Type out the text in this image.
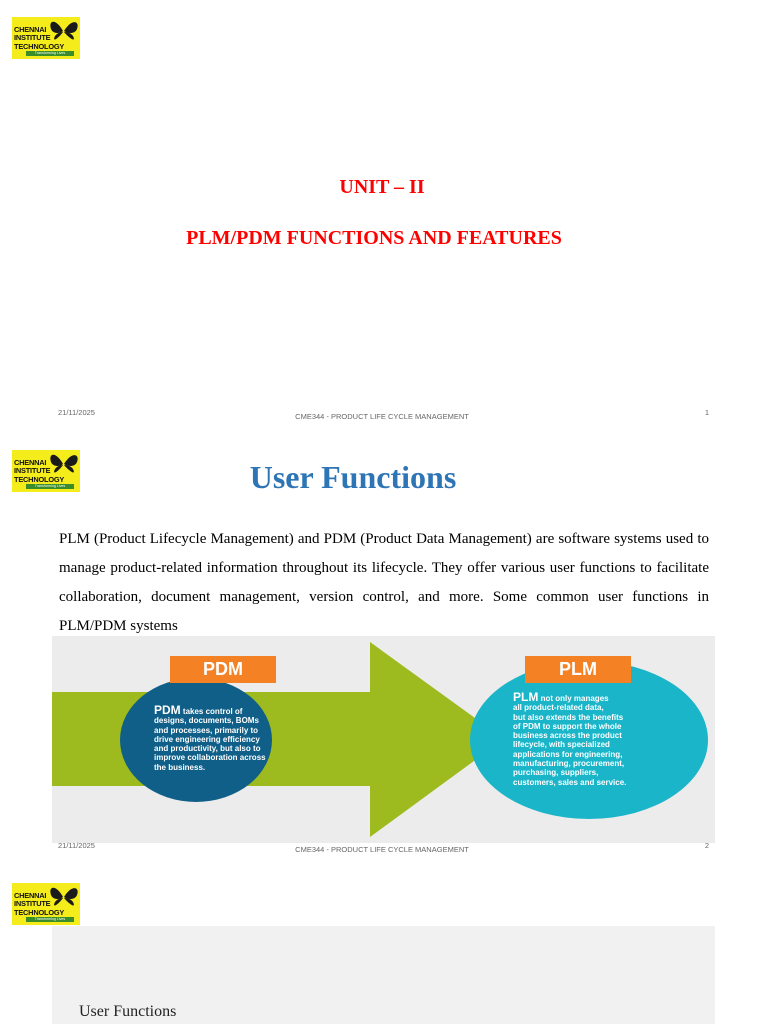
CHENNAI
INSTITUTE
TECHNOLOGY
Transforming Lives
UNIT – II
PLM/PDM FUNCTIONS AND FEATURES
21/11/2025	CME344 - PRODUCT LIFE CYCLE MANAGEMENT	1
CHENNAI
INSTITUTE
TECHNOLOGY
Transforming Lives	User Functions

PLM (Product Lifecycle Management) and PDM (Product Data Management) are software systems used to manage product-related information throughout its lifecycle. They offer various user functions to facilitate collaboration, document management, version control, and more. Some common user functions in PLM/PDM systems

PDM	PLM
PDM takes control of
designs, documents, BOMs
and processes, primarily to
drive engineering efficiency
and productivity, but also to
improve collaboration across
the business.
PLM not only manages
all product-related data,
but also extends the benefits
of PDM to support the whole
business across the product
lifecycle, with specialized
applications for engineering,
manufacturing, procurement,
purchasing, suppliers,
customers, sales and service.
21/11/2025	CME344 - PRODUCT LIFE CYCLE MANAGEMENT	2
CHENNAI
INSTITUTE
TECHNOLOGY
Transforming Lives
User Functions
